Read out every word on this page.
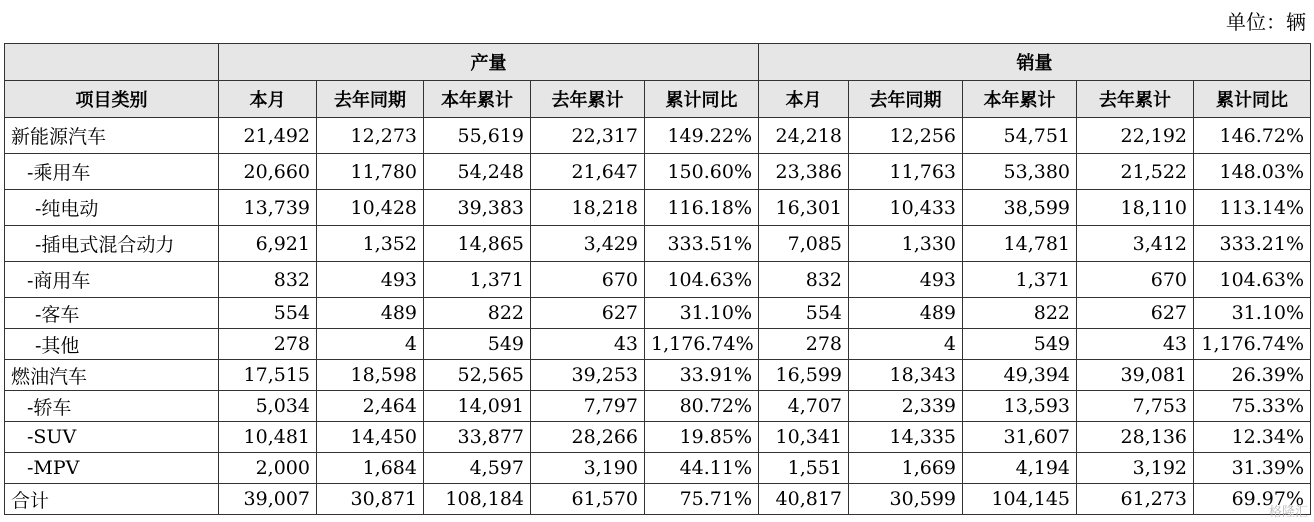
单位：辆
	产量					销量				
项目类别	本月	去年同期	本年累计	去年累计	累计同比	本月	去年同期	本年累计	去年累计	累计同比
新能源汽车	21,492	12,273	55,619	22,317	149.22%	24,218	12,256	54,751	22,192	146.72%
-乘用车	20,660	11,780	54,248	21,647	150.60%	23,386	11,763	53,380	21,522	148.03%
-纯电动	13,739	10,428	39,383	18,218	116.18%	16,301	10,433	38,599	18,110	113.14%
-插电式混合动力	6,921	1,352	14,865	3,429	333.51%	7,085	1,330	14,781	3,412	333.21%
-商用车	832	493	1,371	670	104.63%	832	493	1,371	670	104.63%
-客车	554	489	822	627	31.10%	554	489	822	627	31.10%
-其他	278	4	549	43	1,176.74%	278	4	549	43	1,176.74%
燃油汽车	17,515	18,598	52,565	39,253	33.91%	16,599	18,343	49,394	39,081	26.39%
-轿车	5,034	2,464	14,091	7,797	80.72%	4,707	2,339	13,593	7,753	75.33%
-SUV	10,481	14,450	33,877	28,266	19.85%	10,341	14,335	31,607	28,136	12.34%
-MPV	2,000	1,684	4,597	3,190	44.11%	1,551	1,669	4,194	3,192	31.39%
合计	39,007	30,871	108,184	61,570	75.71%	40,817	30,599	104,145	61,273	69.97%
格隆汇
